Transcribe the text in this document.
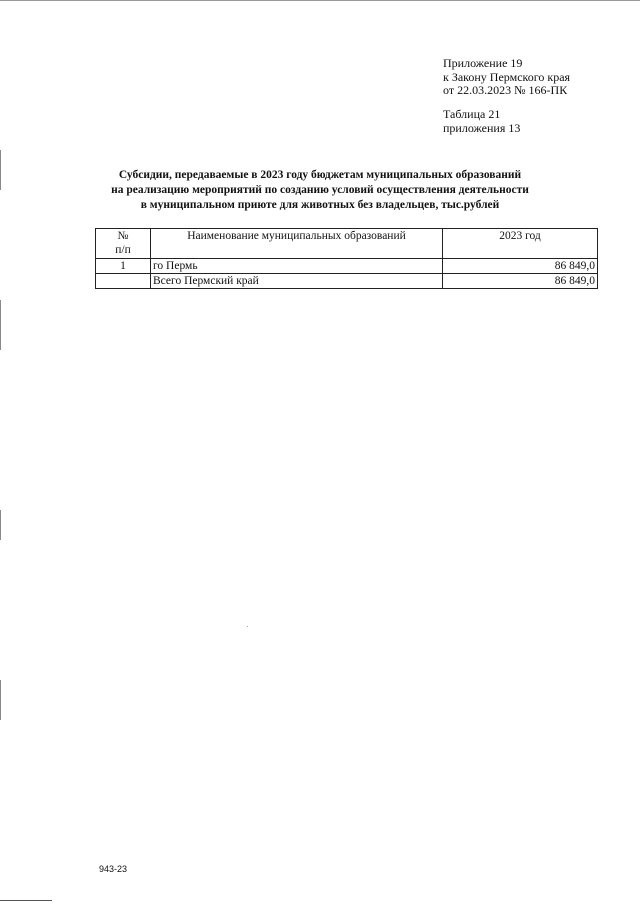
Приложение 19
к Закону Пермского края
от 22.03.2023 № 166-ПК
Таблица 21
приложения 13
Субсидии, передаваемые в 2023 году бюджетам муниципальных образований
на реализацию мероприятий по созданию условий осуществления деятельности
в муниципальном приюте для животных без владельцев, тыс.рублей
№
п/п	Наименование муниципальных образований	2023 год
1	го Пермь	86 849,0
	Всего Пермский край	86 849,0
943-23
